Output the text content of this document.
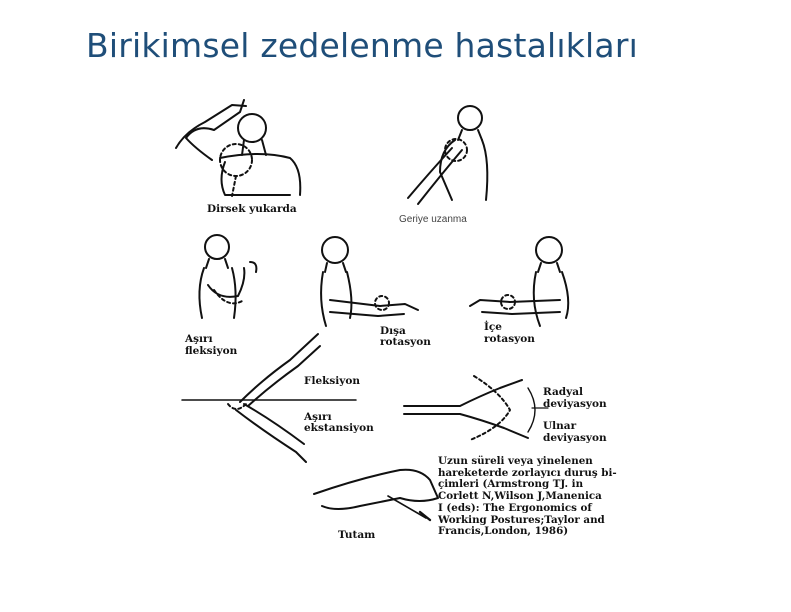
Birikimsel zedelenme hastalıkları
Dirsek yukarda
Geriye uzanma
Aşırı
fleksiyon
Dışa
rotasyon
İçe
rotasyon
Fleksiyon
Aşırı
ekstansiyon
Radyal
deviyasyon
Ulnar
deviyasyon
Tutam
Uzun süreli veya yinelenen
hareketerde zorlayıcı duruş bi-
çimleri (Armstrong TJ. in
Corlett N,Wilson J,Manenica
I (eds): The Ergonomics of
Working Postures;Taylor and
Francis,London, 1986)
